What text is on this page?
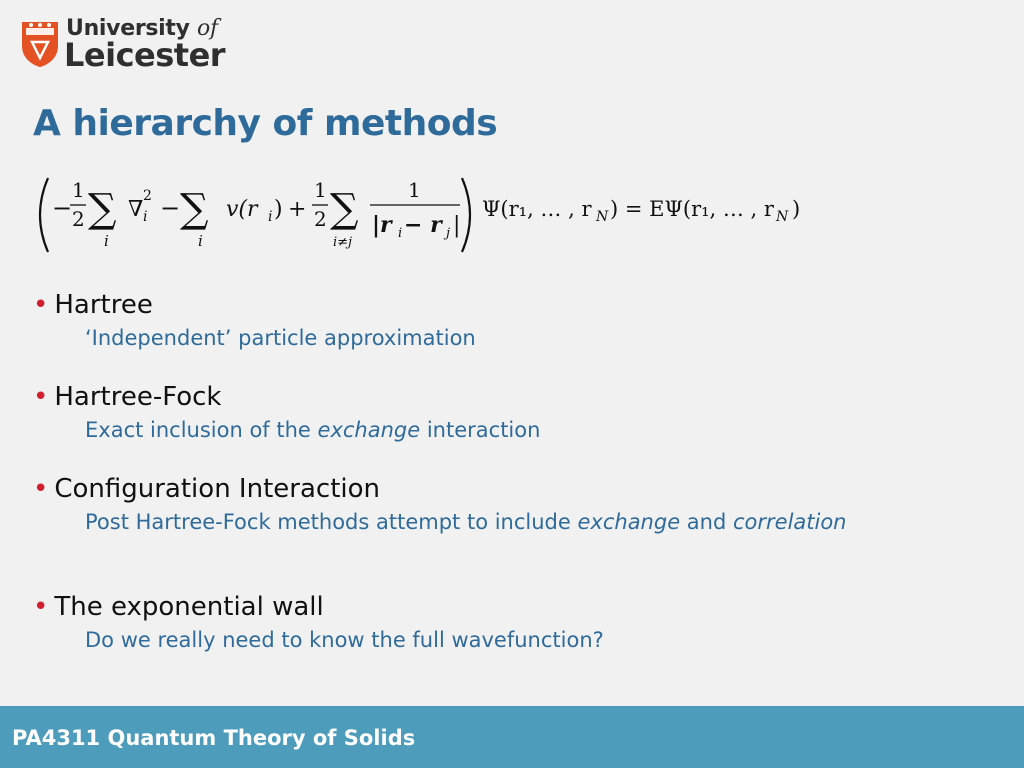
University of
Leicester
A hierarchy of methods
−
1
2 ∑
i
∇
2
i − ∑
i
v(r i ) +
1
2 ∑
i≠j
1
|r i − r j |
Ψ(r₁, … , r N ) = EΨ(r₁, … , r N )
• Hartree
‘Independent’ particle approximation
• Hartree-Fock
Exact inclusion of the exchange interaction
• Configuration Interaction
Post Hartree-Fock methods attempt to include exchange and correlation
• The exponential wall
Do we really need to know the full wavefunction?
PA4311 Quantum Theory of Solids
